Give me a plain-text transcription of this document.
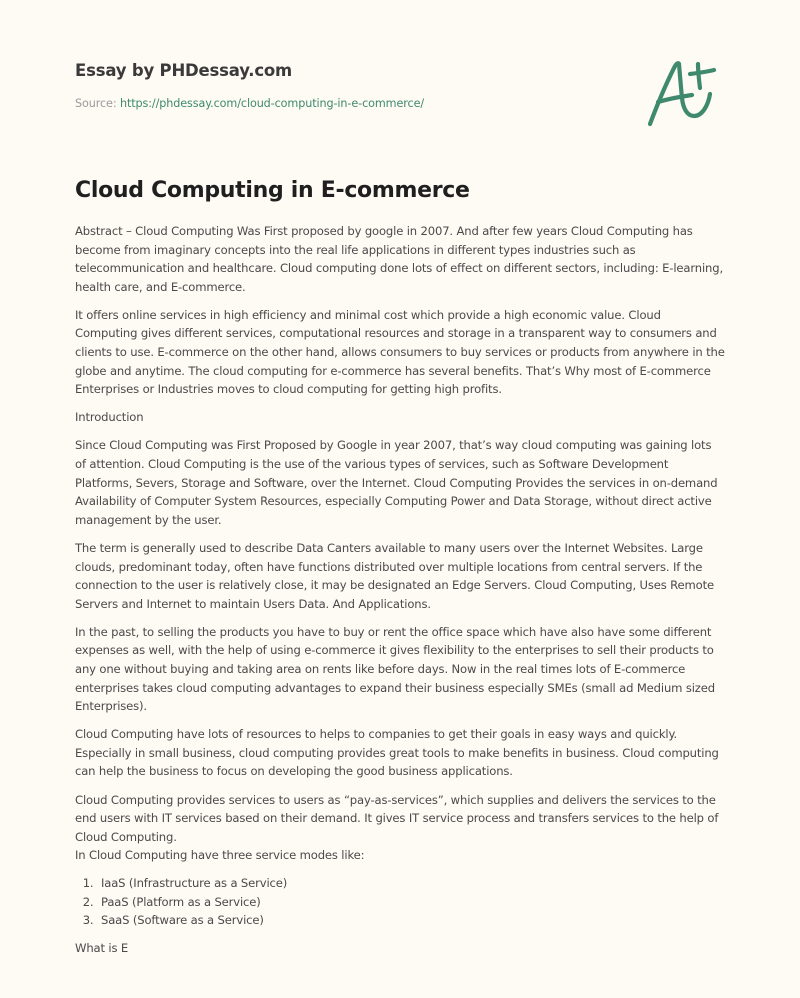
Essay by PHDessay.com
Source: https://phdessay.com/cloud-computing-in-e-commerce/
Cloud Computing in E-commerce

Abstract – Cloud Computing Was First proposed by google in 2007. And after few years Cloud Computing has become from imaginary concepts into the real life applications in different types industries such as telecommunication and healthcare. Cloud computing done lots of effect on different sectors, including: E-learning, health care, and E-commerce.

It offers online services in high efficiency and minimal cost which provide a high economic value. Cloud Computing gives different services, computational resources and storage in a transparent way to consumers and clients to use. E-commerce on the other hand, allows consumers to buy services or products from anywhere in the globe and anytime. The cloud computing for e-commerce has several benefits. That’s Why most of E-commerce Enterprises or Industries moves to cloud computing for getting high profits.

Introduction

Since Cloud Computing was First Proposed by Google in year 2007, that’s way cloud computing was gaining lots of attention. Cloud Computing is the use of the various types of services, such as Software Development Platforms, Severs, Storage and Software, over the Internet. Cloud Computing Provides the services in on-demand Availability of Computer System Resources, especially Computing Power and Data Storage, without direct active management by the user.

The term is generally used to describe Data Canters available to many users over the Internet Websites. Large clouds, predominant today, often have functions distributed over multiple locations from central servers. If the connection to the user is relatively close, it may be designated an Edge Servers. Cloud Computing, Uses Remote Servers and Internet to maintain Users Data. And Applications.

In the past, to selling the products you have to buy or rent the office space which have also have some different expenses as well, with the help of using e-commerce it gives flexibility to the enterprises to sell their products to any one without buying and taking area on rents like before days. Now in the real times lots of E-commerce enterprises takes cloud computing advantages to expand their business especially SMEs (small ad Medium sized Enterprises).

Cloud Computing have lots of resources to helps to companies to get their goals in easy ways and quickly. Especially in small business, cloud computing provides great tools to make benefits in business. Cloud computing can help the business to focus on developing the good business applications.

Cloud Computing provides services to users as “pay-as-services”, which supplies and delivers the services to the end users with IT services based on their demand. It gives IT service process and transfers services to the help of Cloud Computing.

In Cloud Computing have three service modes like:

1. IaaS (Infrastructure as a Service)
2. PaaS (Platform as a Service)
3. SaaS (Software as a Service)

What is E
